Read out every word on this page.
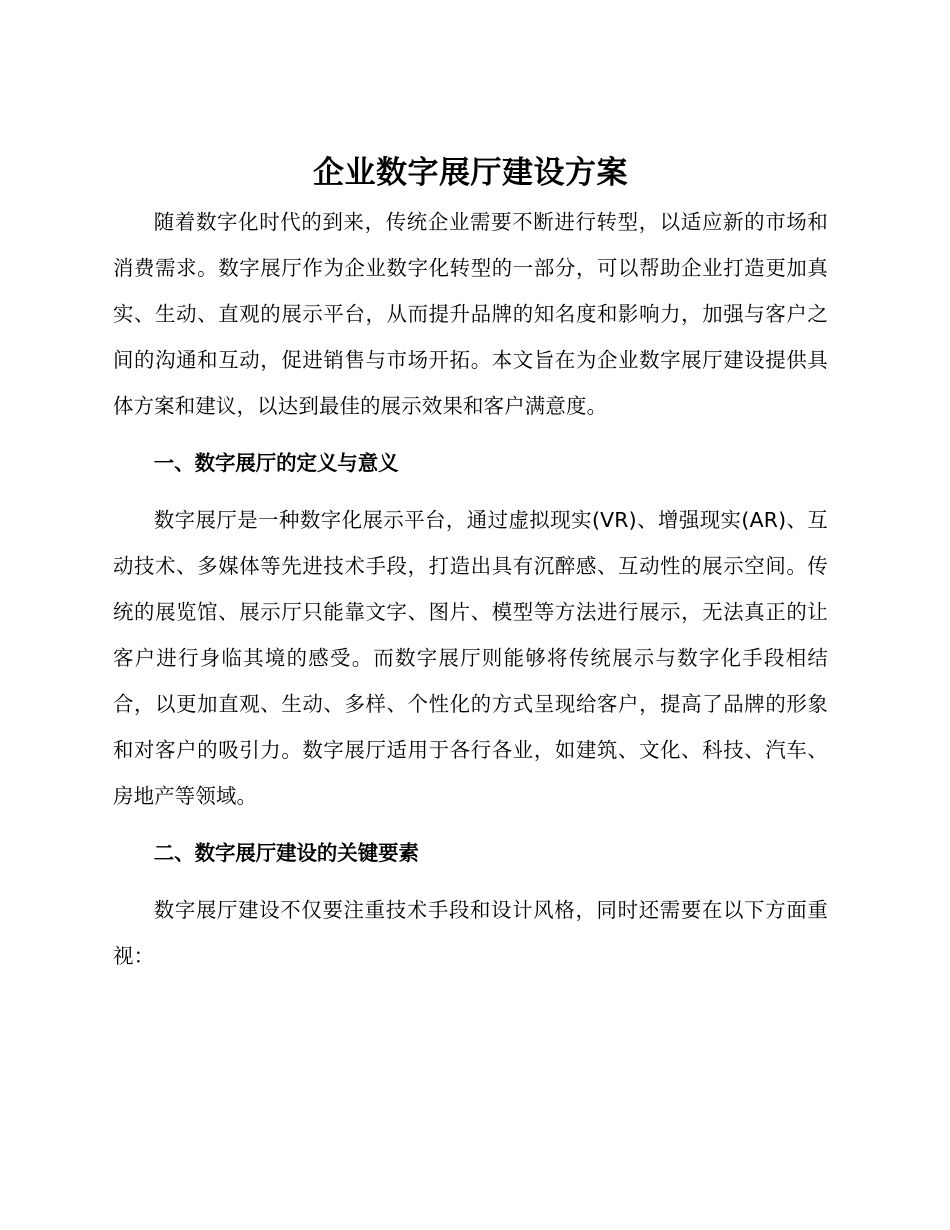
企业数字展厅建设方案

随着数字化时代的到来，传统企业需要不断进行转型，以适应新的市场和消费需求。数字展厅作为企业数字化转型的一部分，可以帮助企业打造更加真实、生动、直观的展示平台，从而提升品牌的知名度和影响力，加强与客户之间的沟通和互动，促进销售与市场开拓。本文旨在为企业数字展厅建设提供具体方案和建议，以达到最佳的展示效果和客户满意度。

一、数字展厅的定义与意义

数字展厅是一种数字化展示平台，通过虚拟现实(VR)、增强现实(AR)、互动技术、多媒体等先进技术手段，打造出具有沉醉感、互动性的展示空间。传统的展览馆、展示厅只能靠文字、图片、模型等方法进行展示，无法真正的让客户进行身临其境的感受。而数字展厅则能够将传统展示与数字化手段相结合，以更加直观、生动、多样、个性化的方式呈现给客户，提高了品牌的形象和对客户的吸引力。数字展厅适用于各行各业，如建筑、文化、科技、汽车、房地产等领域。

二、数字展厅建设的关键要素

数字展厅建设不仅要注重技术手段和设计风格，同时还需要在以下方面重视：
